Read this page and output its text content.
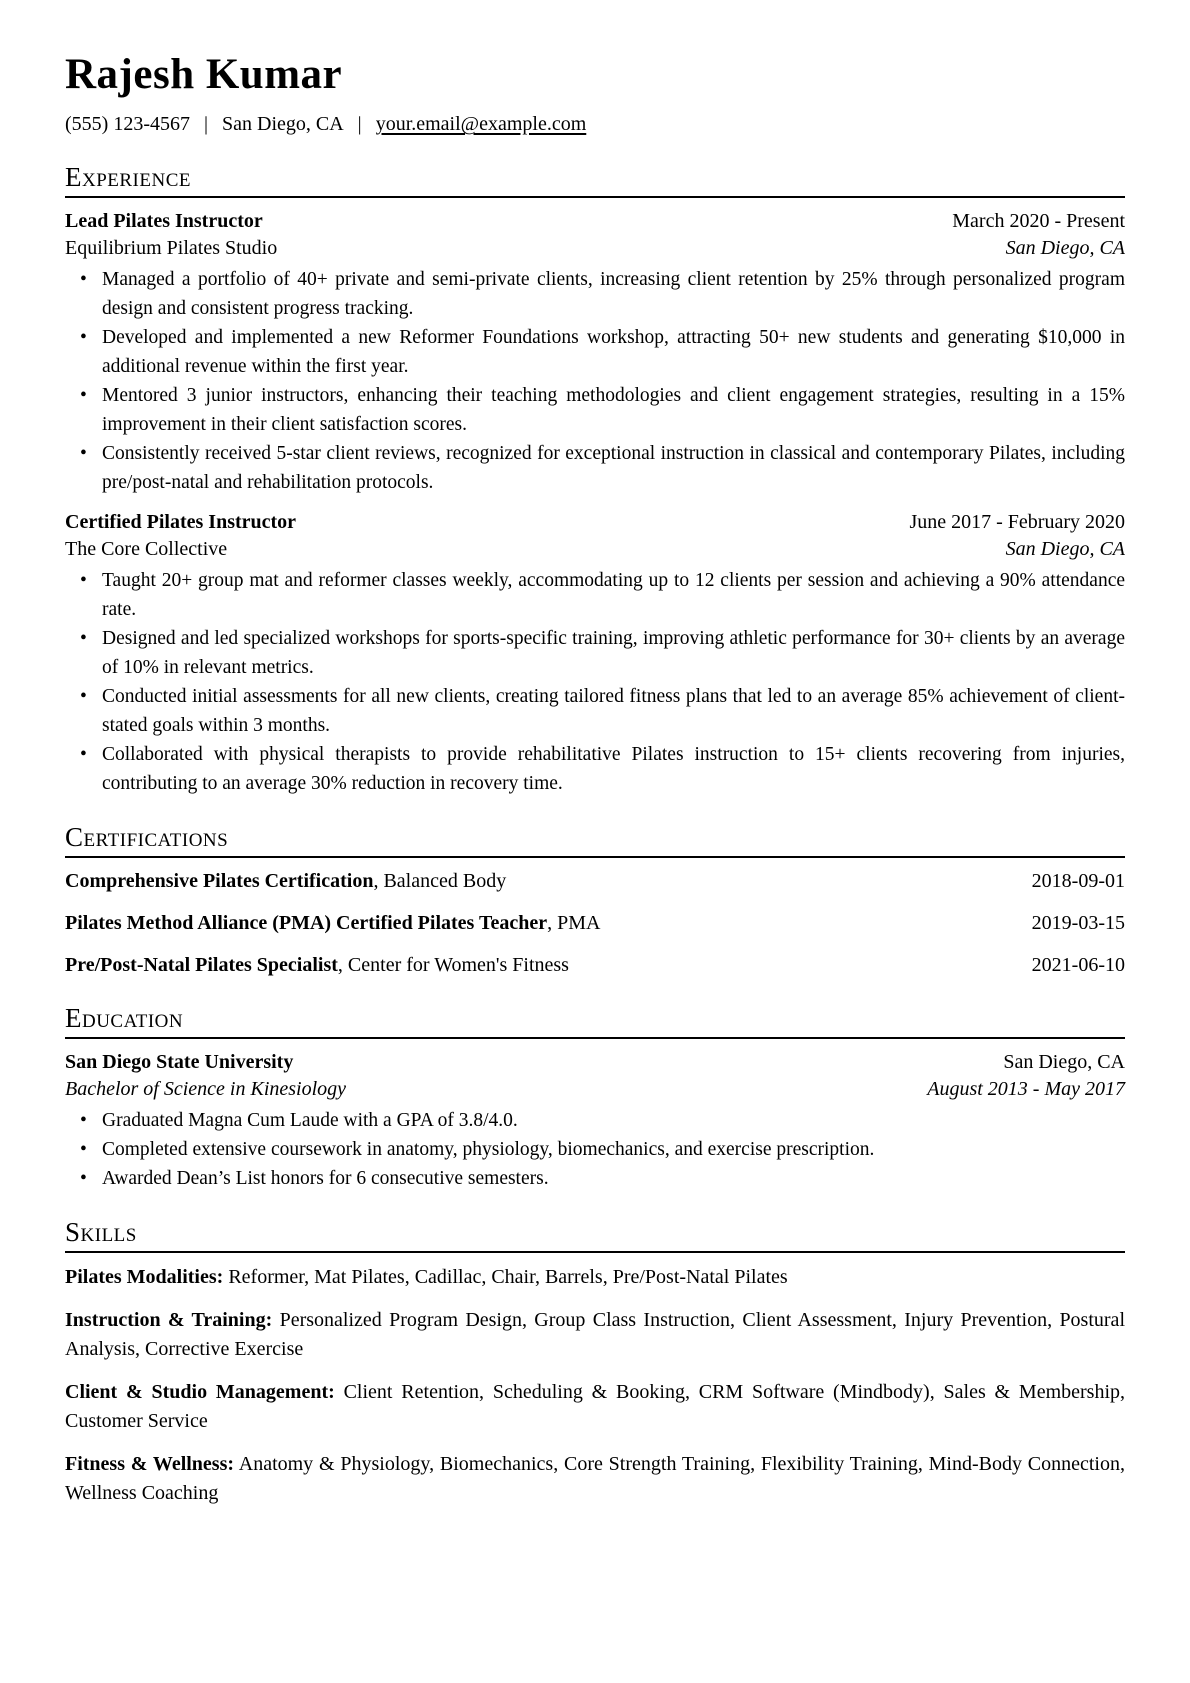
Rajesh Kumar
(555) 123-4567 | San Diego, CA | your.email@example.com
Experience
Lead Pilates Instructor	March 2020 - Present
Equilibrium Pilates Studio	San Diego, CA
• Managed a portfolio of 40+ private and semi-private clients, increasing client retention by 25% through personalized program design and consistent progress tracking.
• Developed and implemented a new Reformer Foundations workshop, attracting 50+ new students and generating $10,000 in additional revenue within the first year.
• Mentored 3 junior instructors, enhancing their teaching methodologies and client engagement strategies, resulting in a 15% improvement in their client satisfaction scores.
• Consistently received 5-star client reviews, recognized for exceptional instruction in classical and contemporary Pilates, including pre/post-natal and rehabilitation protocols.
Certified Pilates Instructor	June 2017 - February 2020
The Core Collective	San Diego, CA
• Taught 20+ group mat and reformer classes weekly, accommodating up to 12 clients per session and achieving a 90% attendance rate.
• Designed and led specialized workshops for sports-specific training, improving athletic performance for 30+ clients by an average of 10% in relevant metrics.
• Conducted initial assessments for all new clients, creating tailored fitness plans that led to an average 85% achievement of client-stated goals within 3 months.
• Collaborated with physical therapists to provide rehabilitative Pilates instruction to 15+ clients recovering from injuries, contributing to an average 30% reduction in recovery time.
Certifications
Comprehensive Pilates Certification, Balanced Body	2018-09-01
Pilates Method Alliance (PMA) Certified Pilates Teacher, PMA	2019-03-15
Pre/Post-Natal Pilates Specialist, Center for Women's Fitness	2021-06-10
Education
San Diego State University	San Diego, CA
Bachelor of Science in Kinesiology	August 2013 - May 2017
• Graduated Magna Cum Laude with a GPA of 3.8/4.0.
• Completed extensive coursework in anatomy, physiology, biomechanics, and exercise prescription.
• Awarded Dean’s List honors for 6 consecutive semesters.
Skills

Pilates Modalities: Reformer, Mat Pilates, Cadillac, Chair, Barrels, Pre/Post-Natal Pilates

Instruction & Training: Personalized Program Design, Group Class Instruction, Client Assessment, Injury Prevention, Postural Analysis, Corrective Exercise

Client & Studio Management: Client Retention, Scheduling & Booking, CRM Software (Mindbody), Sales & Membership, Customer Service

Fitness & Wellness: Anatomy & Physiology, Biomechanics, Core Strength Training, Flexibility Training, Mind-Body Connection, Wellness Coaching
